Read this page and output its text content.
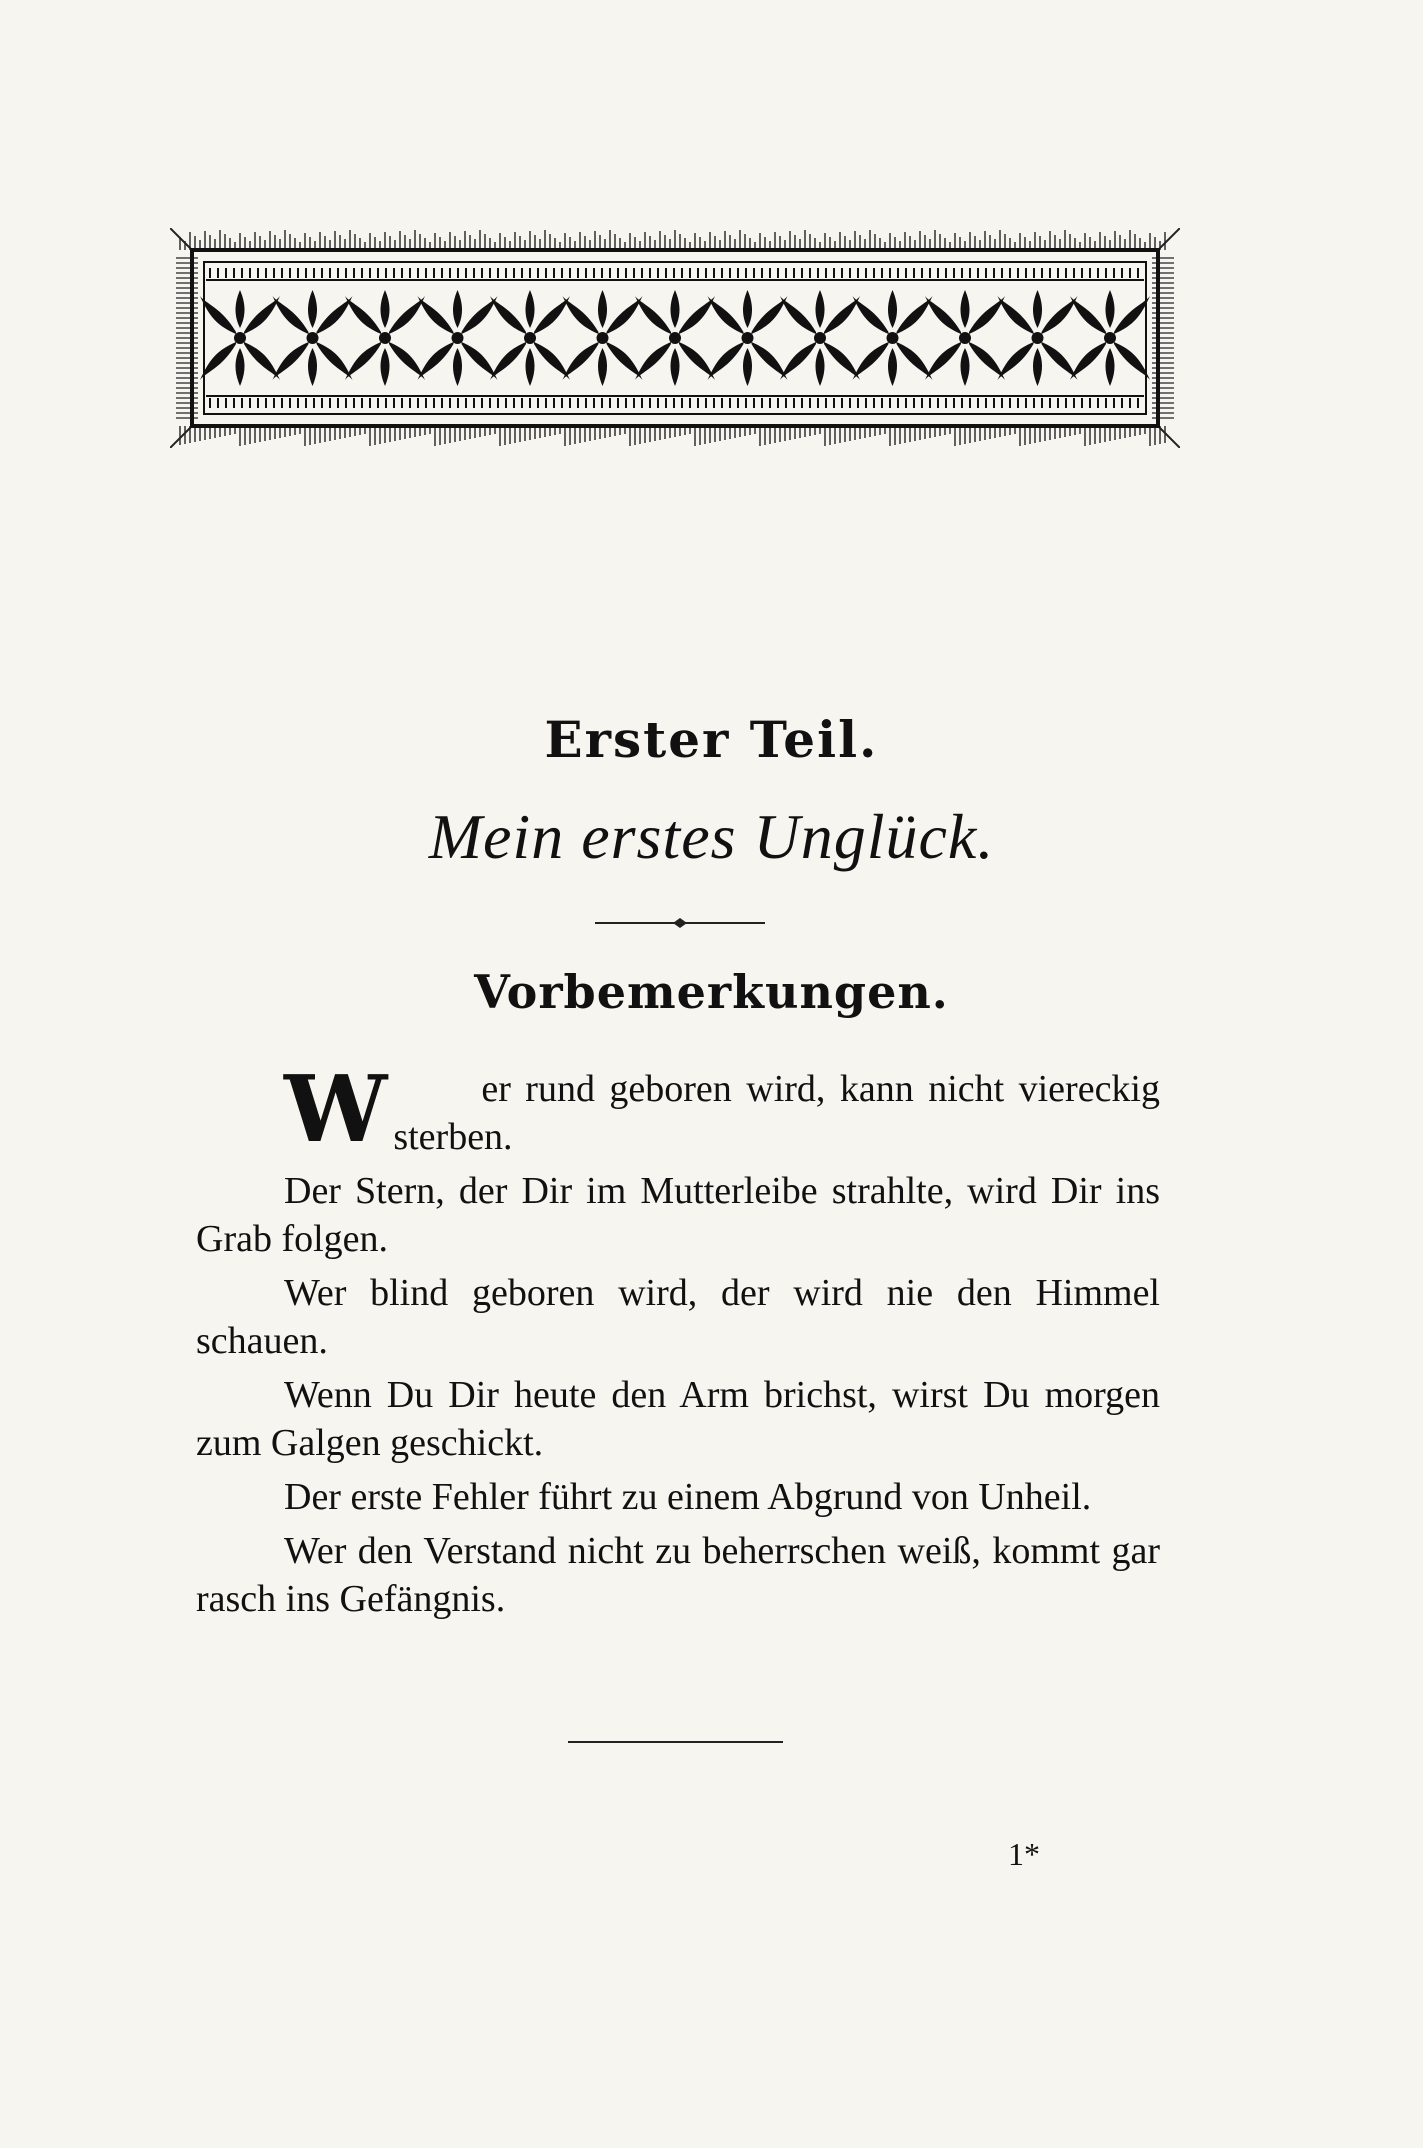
Erster Teil.
Mein erstes Unglück.
Vorbemerkungen.

W er rund geboren wird, kann nicht viereckig sterben.

Der Stern, der Dir im Mutterleibe strahlte, wird Dir ins Grab folgen.

Wer blind geboren wird, der wird nie den Himmel schauen.

Wenn Du Dir heute den Arm brichst, wirst Du morgen zum Galgen geschickt.

Der erste Fehler führt zu einem Abgrund von Unheil.

Wer den Verstand nicht zu beherrschen weiß, kommt gar rasch ins Gefängnis.

1*
